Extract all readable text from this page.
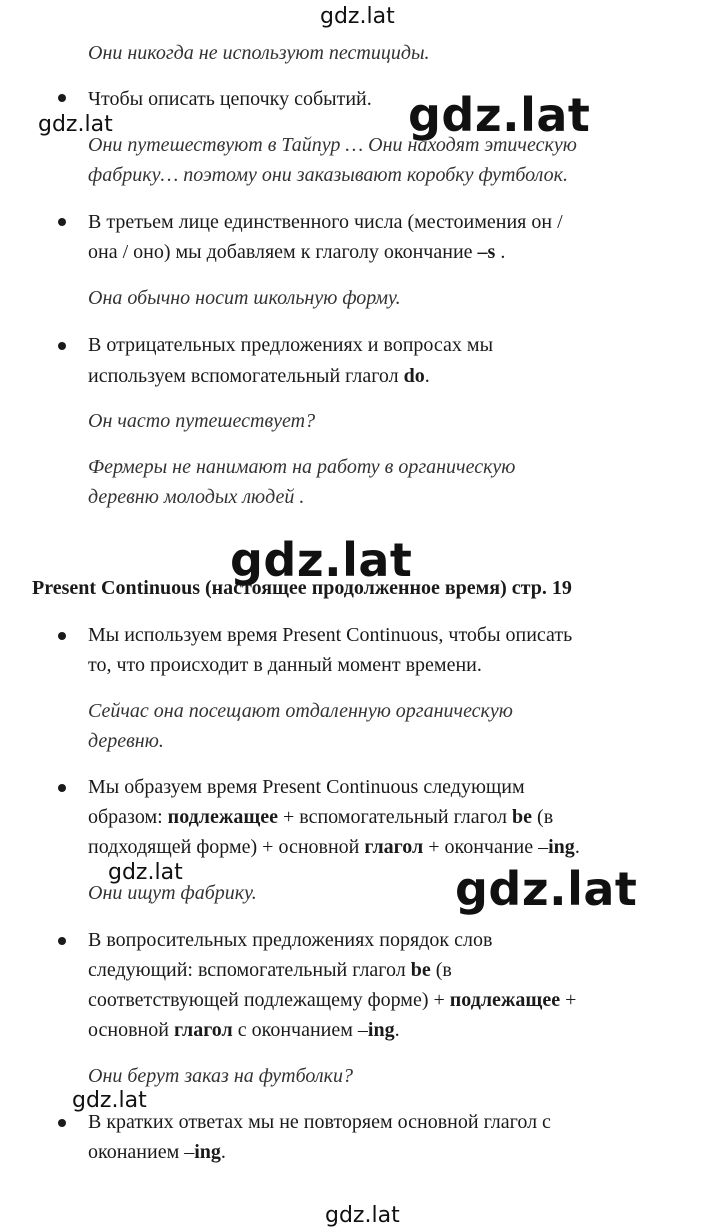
gdz.lat
gdz.lat	gdz.lat
gdz.lat
gdz.lat	gdz.lat
gdz.lat
gdz.lat
Они никогда не используют пестициды.
Чтобы описать цепочку событий.
Они путешествуют в Тайпур … Они находят этическую
фабрику… поэтому они заказывают коробку футболок.
В третьем лице единственного числа (местоимения он /
она / оно) мы добавляем к глаголу окончание –s .
Она обычно носит школьную форму.
В отрицательных предложениях и вопросах мы
используем вспомогательный глагол do.
Он часто путешествует?
Фермеры не нанимают на работу в органическую
деревню молодых людей .
Present Continuous (настоящее продолженное время) стр. 19
Мы используем время Present Continuous, чтобы описать
то, что происходит в данный момент времени.
Сейчас она посещают отдаленную органическую
деревню.
Мы образуем время Present Continuous следующим
образом: подлежащее + вспомогательный глагол be (в
подходящей форме) + основной глагол + окончание –ing.
Они ищут фабрику.
В вопросительных предложениях порядок слов
следующий: вспомогательный глагол be (в
соответствующей подлежащему форме) + подлежащее +
основной глагол с окончанием –ing.
Они берут заказ на футболки?
В кратких ответах мы не повторяем основной глагол с
оконанием –ing.
